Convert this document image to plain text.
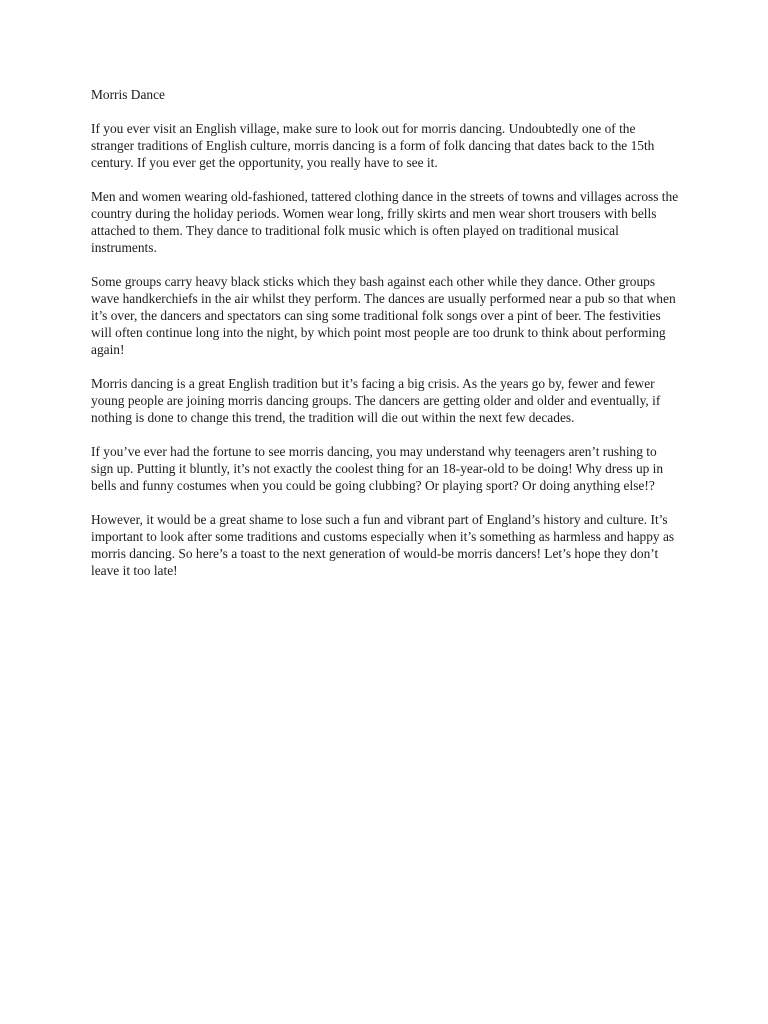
Morris Dance

If you ever visit an English village, make sure to look out for morris dancing. Undoubtedly one of the stranger traditions of English culture, morris dancing is a form of folk dancing that dates back to the 15th century. If you ever get the opportunity, you really have to see it.

Men and women wearing old-fashioned, tattered clothing dance in the streets of towns and villages across the country during the holiday periods. Women wear long, frilly skirts and men wear short trousers with bells attached to them. They dance to traditional folk music which is often played on traditional musical instruments.

Some groups carry heavy black sticks which they bash against each other while they dance. Other groups wave handkerchiefs in the air whilst they perform. The dances are usually performed near a pub so that when it’s over, the dancers and spectators can sing some traditional folk songs over a pint of beer. The festivities will often continue long into the night, by which point most people are too drunk to think about performing again!

Morris dancing is a great English tradition but it’s facing a big crisis. As the years go by, fewer and fewer young people are joining morris dancing groups. The dancers are getting older and older and eventually, if nothing is done to change this trend, the tradition will die out within the next few decades.

If you’ve ever had the fortune to see morris dancing, you may understand why teenagers aren’t rushing to sign up. Putting it bluntly, it’s not exactly the coolest thing for an 18-year-old to be doing! Why dress up in bells and funny costumes when you could be going clubbing? Or playing sport? Or doing anything else!?

However, it would be a great shame to lose such a fun and vibrant part of England’s history and culture. It’s important to look after some traditions and customs especially when it’s something as harmless and happy as morris dancing. So here’s a toast to the next generation of would-be morris dancers! Let’s hope they don’t leave it too late!
